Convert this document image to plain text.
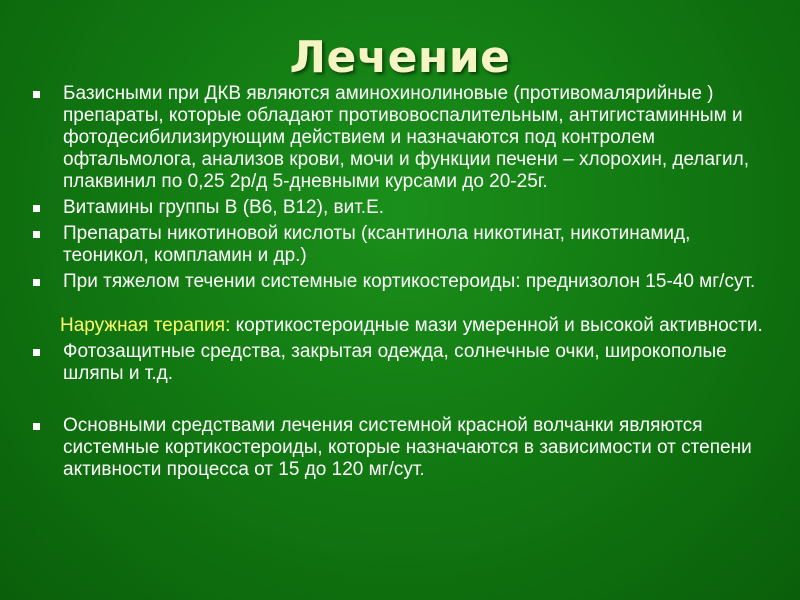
Лечение
Базисными при ДКВ являются аминохинолиновые (противомалярийные ) препараты, которые обладают противовоспалительным, антигистаминным и фотодесибилизирующим действием и назначаются под контролем офтальмолога, анализов крови, мочи и функции печени – хлорохин, делагил, плаквинил по 0,25 2р/д 5-дневными курсами до 20-25г.
Витамины группы В (В6, В12), вит.Е.
Препараты никотиновой кислоты (ксантинола никотинат, никотинамид, теоникол, компламин и др.)
При тяжелом течении системные кортикостероиды: преднизолон 15-40 мг/сут.
Наружная терапия: кортикостероидные мази умеренной и высокой активности.
Фотозащитные средства, закрытая одежда, солнечные очки, широкополые шляпы и т.д.
Основными средствами лечения системной красной волчанки являются системные кортикостероиды, которые назначаются в зависимости от степени активности процесса от 15 до 120 мг/сут.
